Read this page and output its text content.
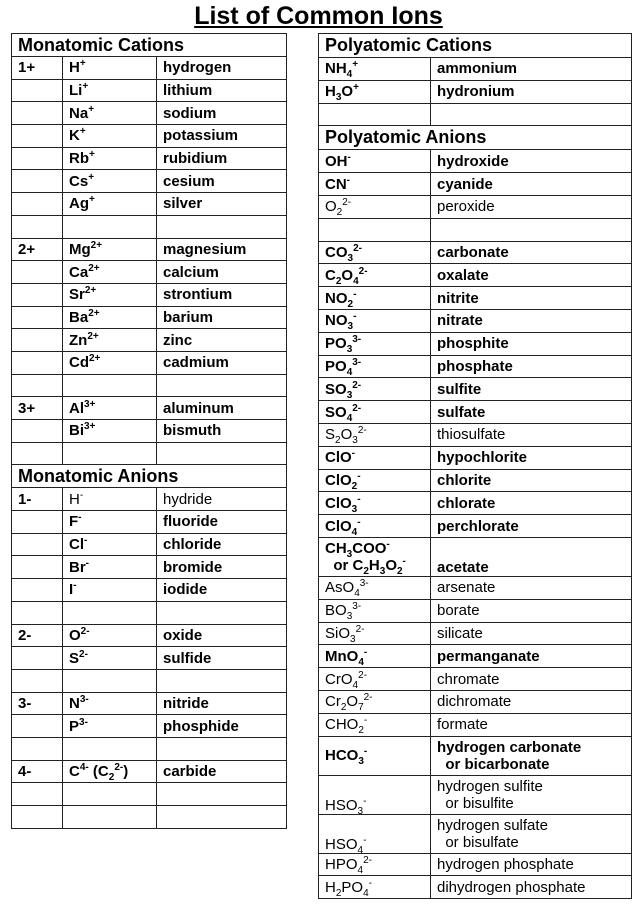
List of Common Ions
Monatomic Cations		
1+	H+	hydrogen
	Li+	lithium
	Na+	sodium
	K+	potassium
	Rb+	rubidium
	Cs+	cesium
	Ag+	silver

2+	$Mg^{2+}$	magnesium
	$Ca^{2+}$	calcium
	$Sr^{2+}$	strontium
	$Ba^{2+}$	barium
	$Zn^{2+}$	zinc
	$Cd^{2+}$	cadmium

3+	$Al^{3+}$	aluminum
	$Bi^{3+}$	bismuth

Monatomic Anions		
1-	H-	hydride
	F-	fluoride
	Cl-	chloride
	Br-	bromide
	I-	iodide

2-	$O^{2-}$	oxide
	$S^{2-}$	sulfide

3-	$N^{3-}$	nitride
	$P^{3-}$	phosphide

4-	$C^{4-}$ $(C_2^{2-})$	carbide

Polyatomic Cations	
$NH_4^+$	ammonium
$H_3O^+$	hydronium

Polyatomic Anions	
OH-	hydroxide
CN-	cyanide
$O_2^{2-}$	peroxide

$CO_3^{2-}$	carbonate
$C_2O_4^{2-}$	oxalate
$NO_2^-$	nitrite
$NO_3^-$	nitrate
$PO_3^{3-}$	phosphite
$PO_4^{3-}$	phosphate
$SO_3^{2-}$	sulfite
$SO_4^{2-}$	sulfate
$S_2O_3^{2-}$	thiosulfate
ClO-	hypochlorite
ClO$_2$-	chlorite
ClO$_3$-	chlorate
ClO$_4$-	perchlorate
$CH_3COO^-$
or $C_2H_3O_2^-$	acetate
AsO$_4^{3-}$	arsenate
$BO_3^{3-}$	borate
SiO$_3^{2-}$	silicate
MnO$_4$-	permanganate
CrO$_4^{2-}$	chromate
$Cr_2O_7^{2-}$	dichromate
$CHO_2^-$	formate
$HCO_3^-$	hydrogen carbonate
or bicarbonate
$HSO_3^-$	hydrogen sulfite
or bisulfite
$HSO_4^-$	hydrogen sulfate
or bisulfate
$HPO_4^{2-}$	hydrogen phosphate
$H_2PO_4^-$	dihydrogen phosphate
